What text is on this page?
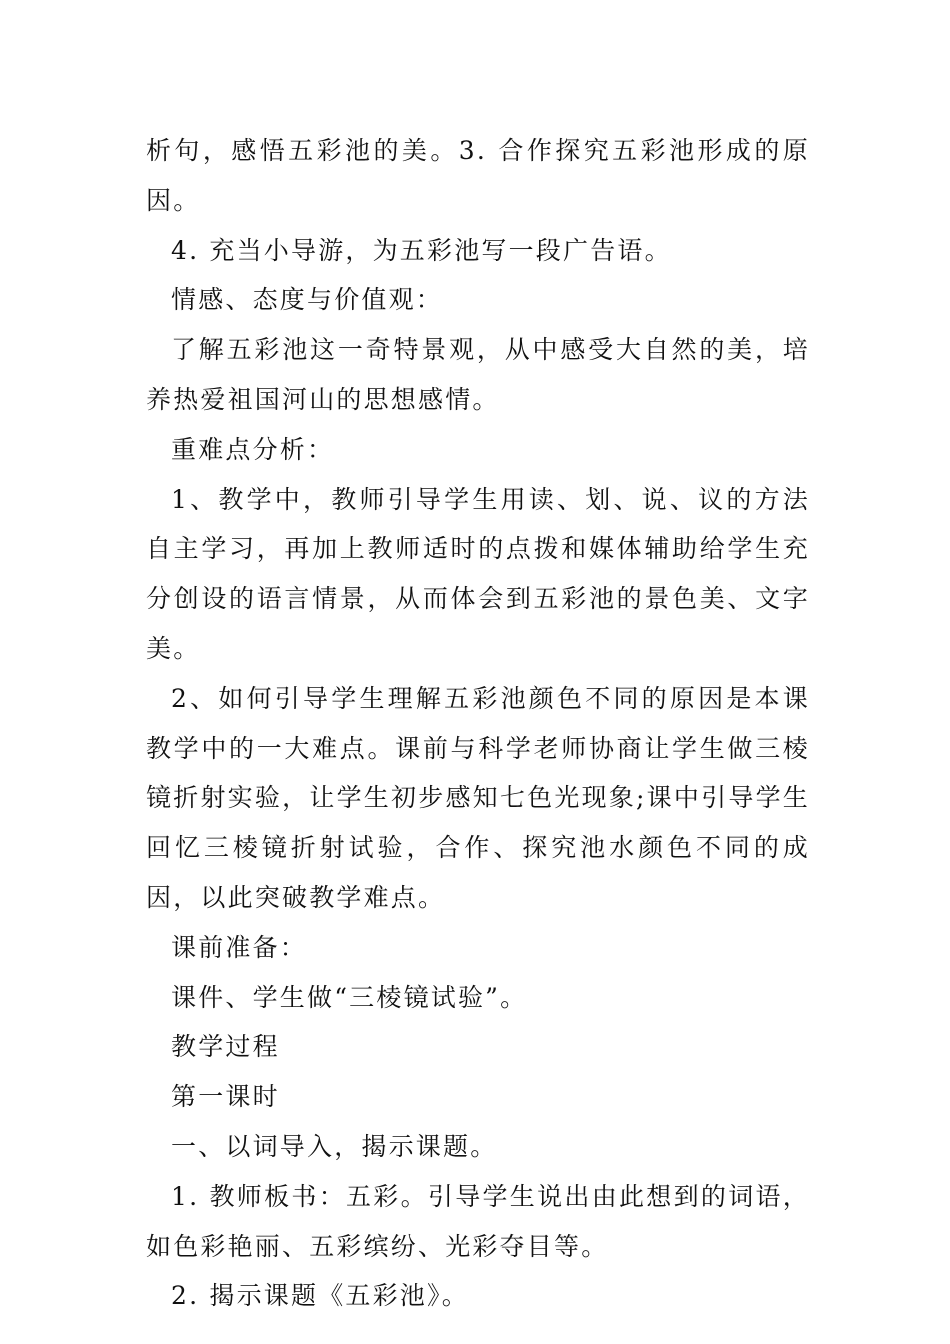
析句，感悟五彩池的美。3. 合作探究五彩池形成的原因。

4. 充当小导游，为五彩池写一段广告语。

情感、态度与价值观：

了解五彩池这一奇特景观，从中感受大自然的美，培养热爱祖国河山的思想感情。

重难点分析：

1、教学中，教师引导学生用读、划、说、议的方法自主学习，再加上教师适时的点拨和媒体辅助给学生充分创设的语言情景，从而体会到五彩池的景色美、文字美。

2、如何引导学生理解五彩池颜色不同的原因是本课教学中的一大难点。课前与科学老师协商让学生做三棱镜折射实验，让学生初步感知七色光现象;课中引导学生回忆三棱镜折射试验，合作、探究池水颜色不同的成因，以此突破教学难点。

课前准备：

课件、学生做“三棱镜试验”。

教学过程

第一课时

一、以词导入，揭示课题。

1. 教师板书：五彩。引导学生说出由此想到的词语，如色彩艳丽、五彩缤纷、光彩夺目等。

2. 揭示课题《五彩池》。
